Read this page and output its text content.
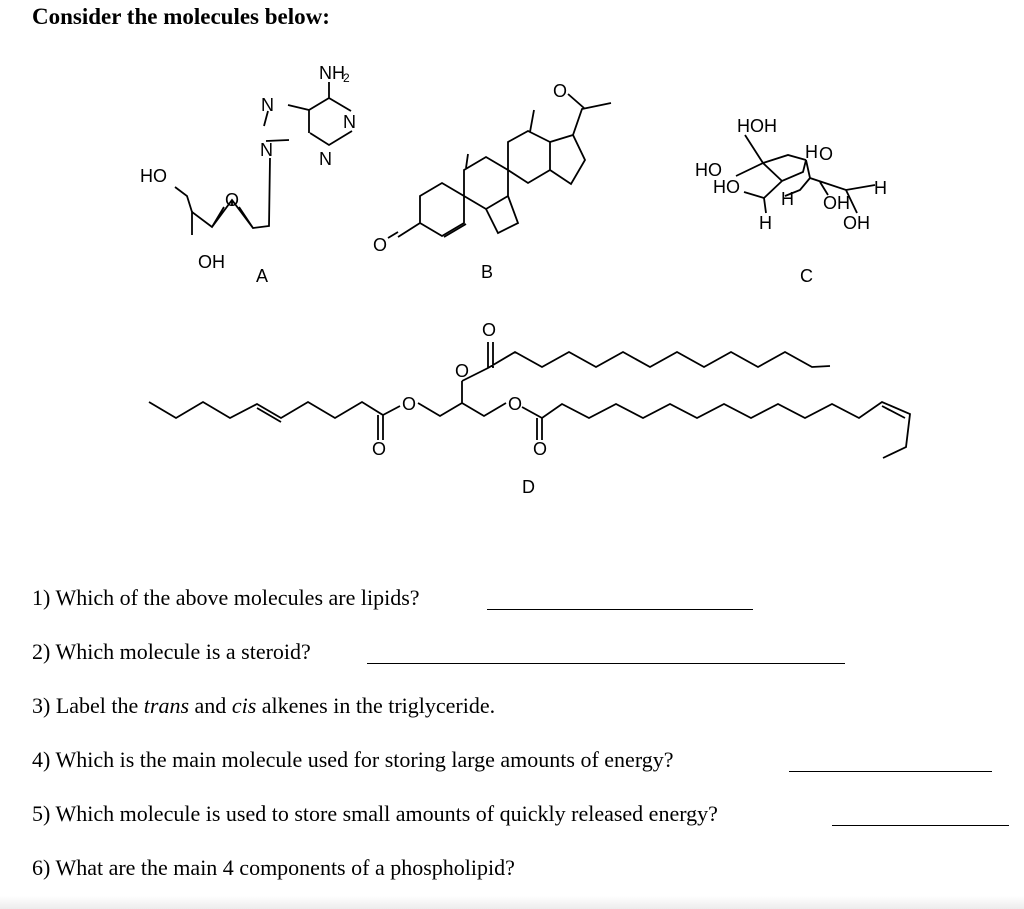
Consider the molecules below:
NH
2
N
N
N	N
HO
O
OH
A
O
O
B
HOH
H O
HO
HO
H OH
H
H	OH
C
O
O
O
O
O
O
D
1) Which of the above molecules are lipids?
2) Which molecule is a steroid?
3) Label the trans and cis alkenes in the triglyceride.
4) Which is the main molecule used for storing large amounts of energy?
5) Which molecule is used to store small amounts of quickly released energy?
6) What are the main 4 components of a phospholipid?
